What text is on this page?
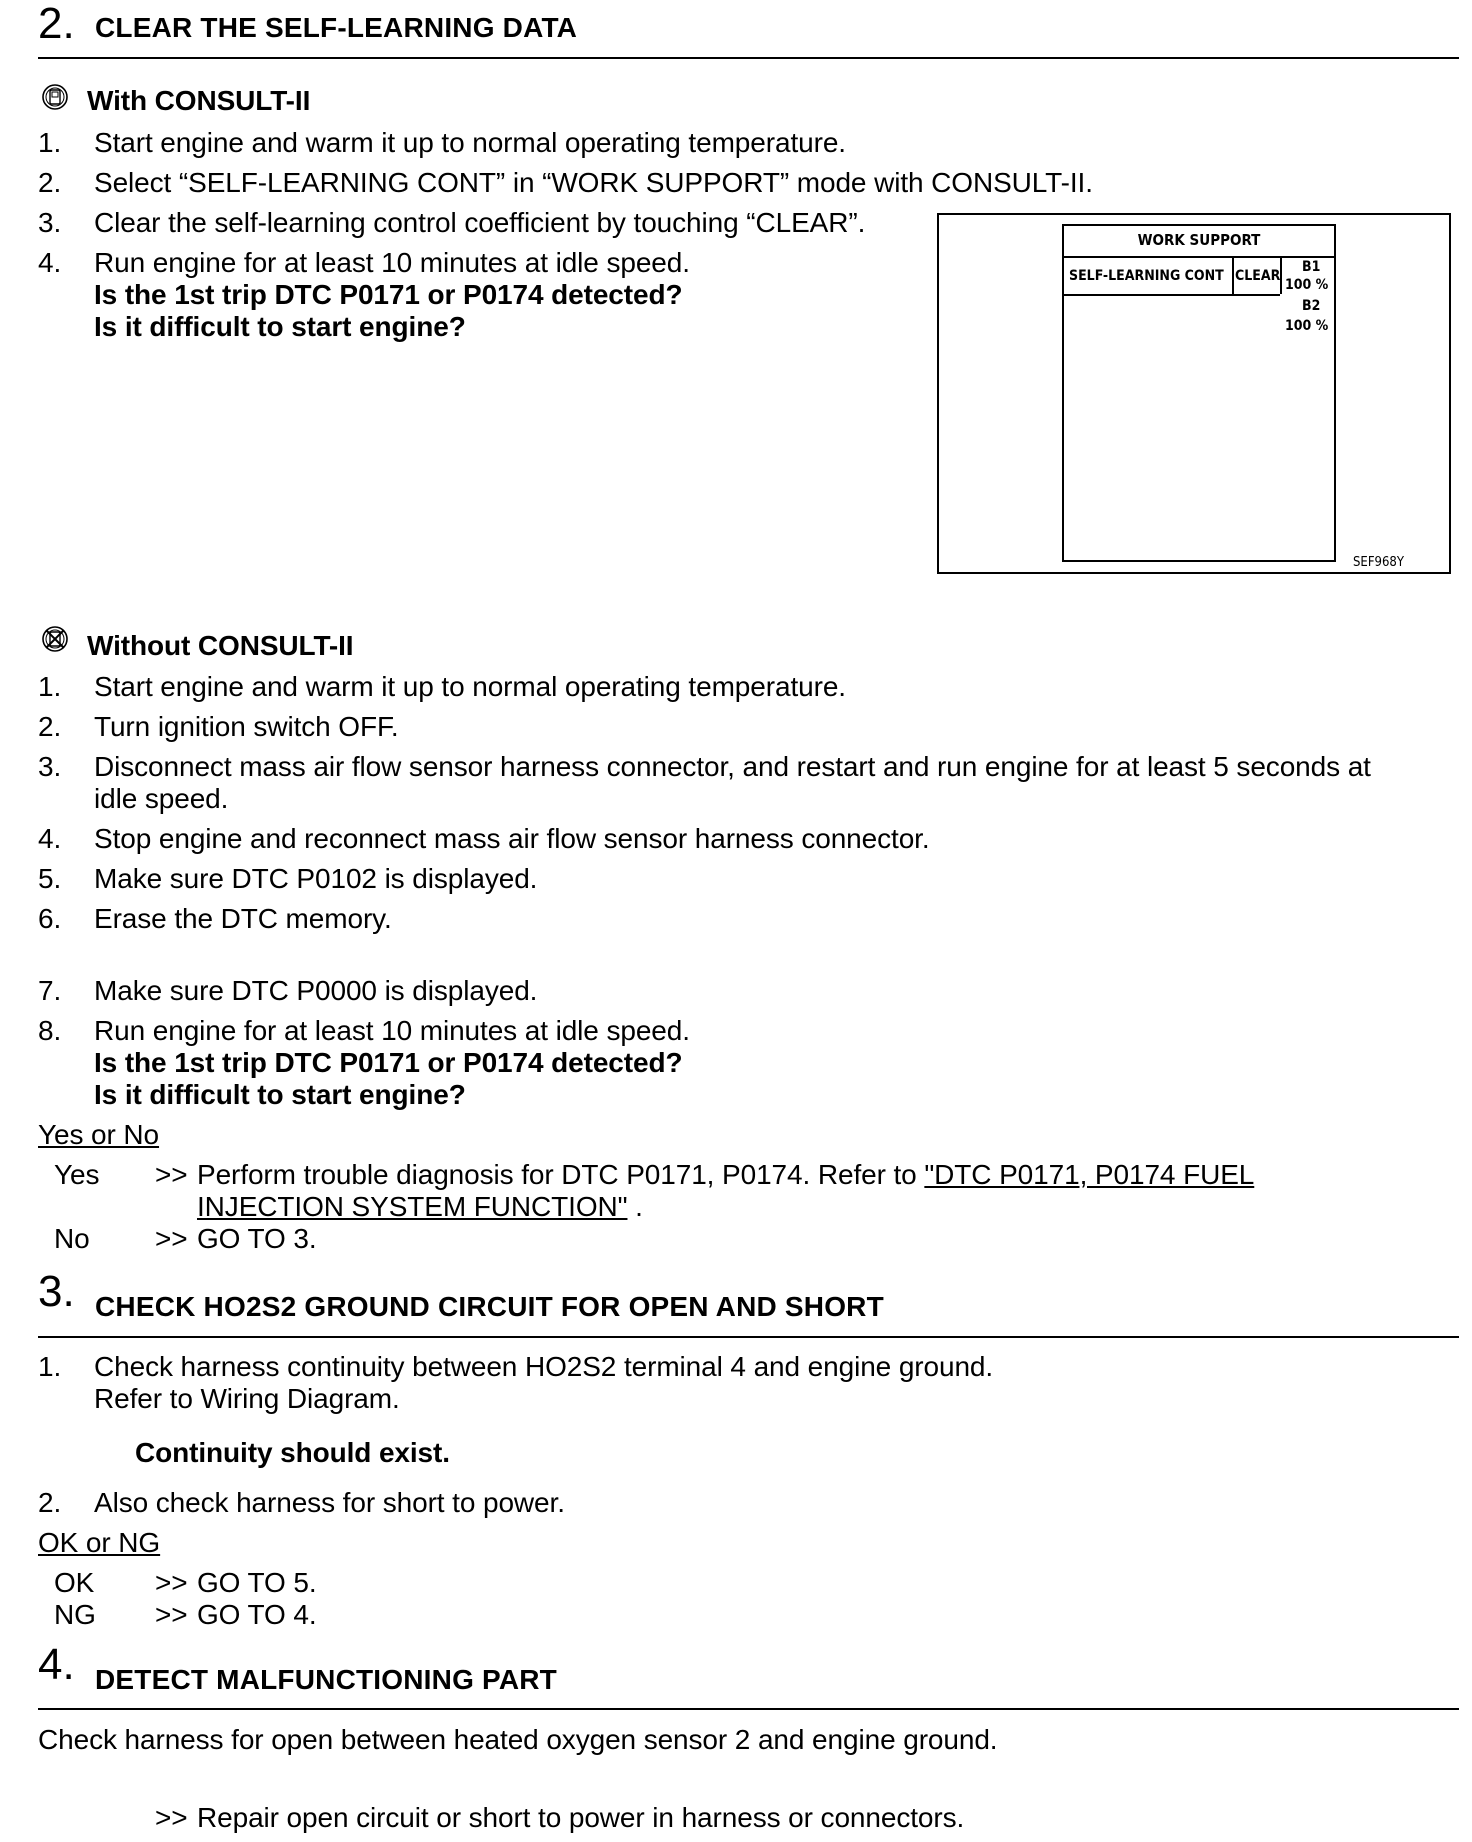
2. CLEAR THE SELF-LEARNING DATA
With CONSULT-II
1. Start engine and warm it up to normal operating temperature.
2. Select “SELF-LEARNING CONT” in “WORK SUPPORT” mode with CONSULT-II.
3. Clear the self-learning control coefficient by touching “CLEAR”.
4. Run engine for at least 10 minutes at idle speed.
Is the 1st trip DTC P0171 or P0174 detected?
Is it difficult to start engine?
WORK SUPPORT
SELF-LEARNING CONT CLEAR
B1
100 %
B2
100 %
SEF968Y
Without CONSULT-II
1. Start engine and warm it up to normal operating temperature.
2. Turn ignition switch OFF.
3. Disconnect mass air flow sensor harness connector, and restart and run engine for at least 5 seconds at
idle speed.
4. Stop engine and reconnect mass air flow sensor harness connector.
5. Make sure DTC P0102 is displayed.
6. Erase the DTC memory.
7. Make sure DTC P0000 is displayed.
8. Run engine for at least 10 minutes at idle speed.
Is the 1st trip DTC P0171 or P0174 detected?
Is it difficult to start engine?
Yes or No
Yes >> Perform trouble diagnosis for DTC P0171, P0174. Refer to "DTC P0171, P0174 FUEL
INJECTION SYSTEM FUNCTION" .
No >> GO TO 3.
3. CHECK HO2S2 GROUND CIRCUIT FOR OPEN AND SHORT
1. Check harness continuity between HO2S2 terminal 4 and engine ground.
Refer to Wiring Diagram.
Continuity should exist.
2. Also check harness for short to power.
OK or NG
OK >> GO TO 5.
NG >> GO TO 4.
4. DETECT MALFUNCTIONING PART
Check harness for open between heated oxygen sensor 2 and engine ground.
>> Repair open circuit or short to power in harness or connectors.
